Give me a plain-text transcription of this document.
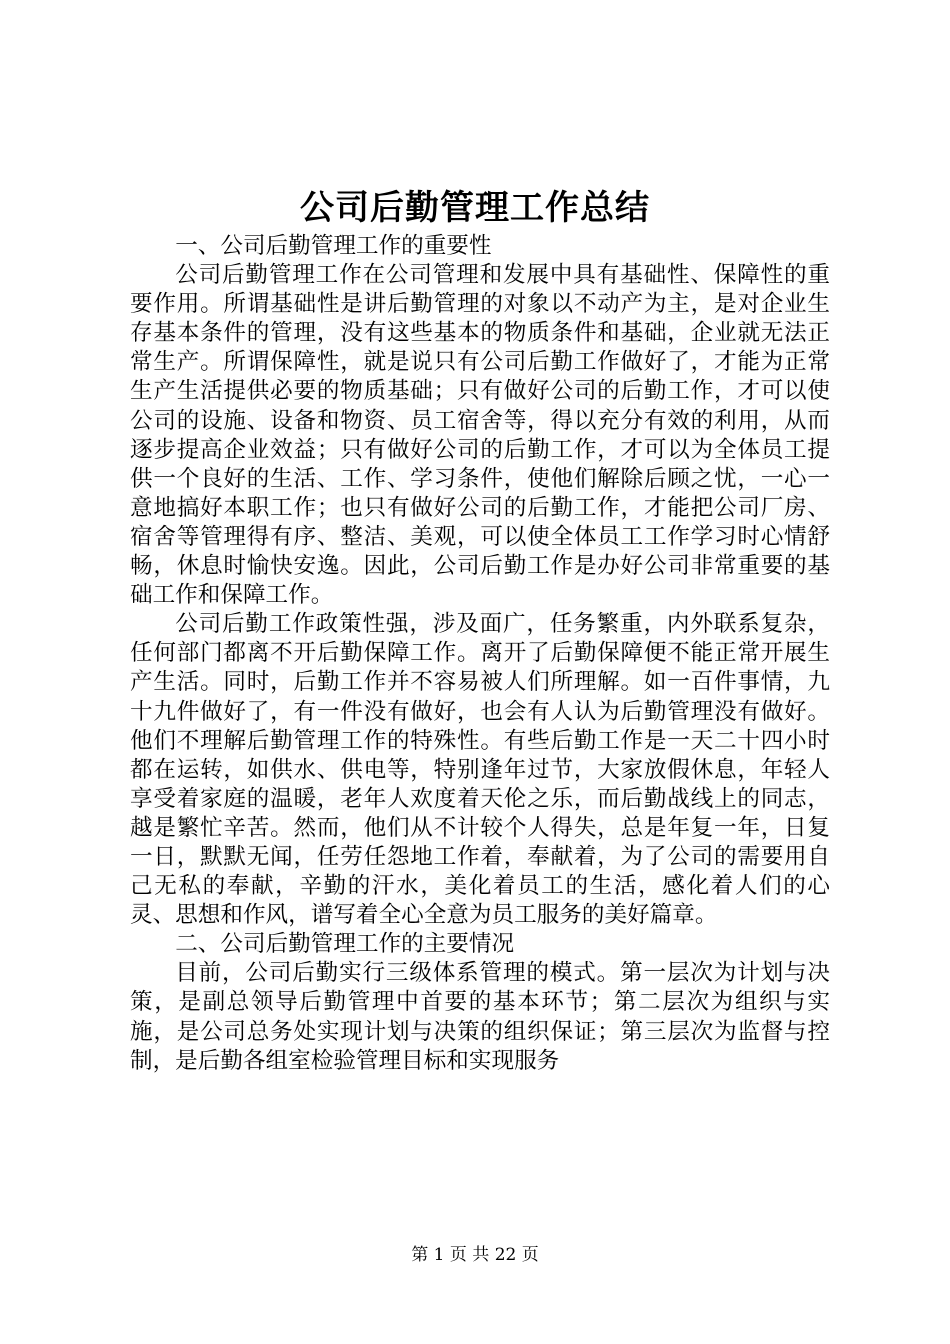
公司后勤管理工作总结

一、公司后勤管理工作的重要性

公司后勤管理工作在公司管理和发展中具有基础性、保障性的重要作用。所谓基础性是讲后勤管理的对象以不动产为主，是对企业生存基本条件的管理，没有这些基本的物质条件和基础，企业就无法正常生产。所谓保障性，就是说只有公司后勤工作做好了，才能为正常生产生活提供必要的物质基础；只有做好公司的后勤工作，才可以使公司的设施、设备和物资、员工宿舍等，得以充分有效的利用，从而逐步提高企业效益；只有做好公司的后勤工作，才可以为全体员工提供一个良好的生活、工作、学习条件，使他们解除后顾之忧，一心一意地搞好本职工作；也只有做好公司的后勤工作，才能把公司厂房、宿舍等管理得有序、整洁、美观，可以使全体员工工作学习时心情舒畅，休息时愉快安逸。因此，公司后勤工作是办好公司非常重要的基础工作和保障工作。

公司后勤工作政策性强，涉及面广，任务繁重，内外联系复杂，任何部门都离不开后勤保障工作。离开了后勤保障便不能正常开展生产生活。同时，后勤工作并不容易被人们所理解。如一百件事情，九十九件做好了，有一件没有做好，也会有人认为后勤管理没有做好。他们不理解后勤管理工作的特殊性。有些后勤工作是一天二十四小时都在运转，如供水、供电等，特别逢年过节，大家放假休息，年轻人享受着家庭的温暖，老年人欢度着天伦之乐，而后勤战线上的同志，越是繁忙辛苦。然而，他们从不计较个人得失，总是年复一年，日复一日，默默无闻，任劳任怨地工作着，奉献着，为了公司的需要用自己无私的奉献，辛勤的汗水，美化着员工的生活，感化着人们的心灵、思想和作风，谱写着全心全意为员工服务的美好篇章。

二、公司后勤管理工作的主要情况

目前，公司后勤实行三级体系管理的模式。第一层次为计划与决策，是副总领导后勤管理中首要的基本环节；第二层次为组织与实施，是公司总务处实现计划与决策的组织保证；第三层次为监督与控制，是后勤各组室检验管理目标和实现服务

第 1 页 共 22 页
